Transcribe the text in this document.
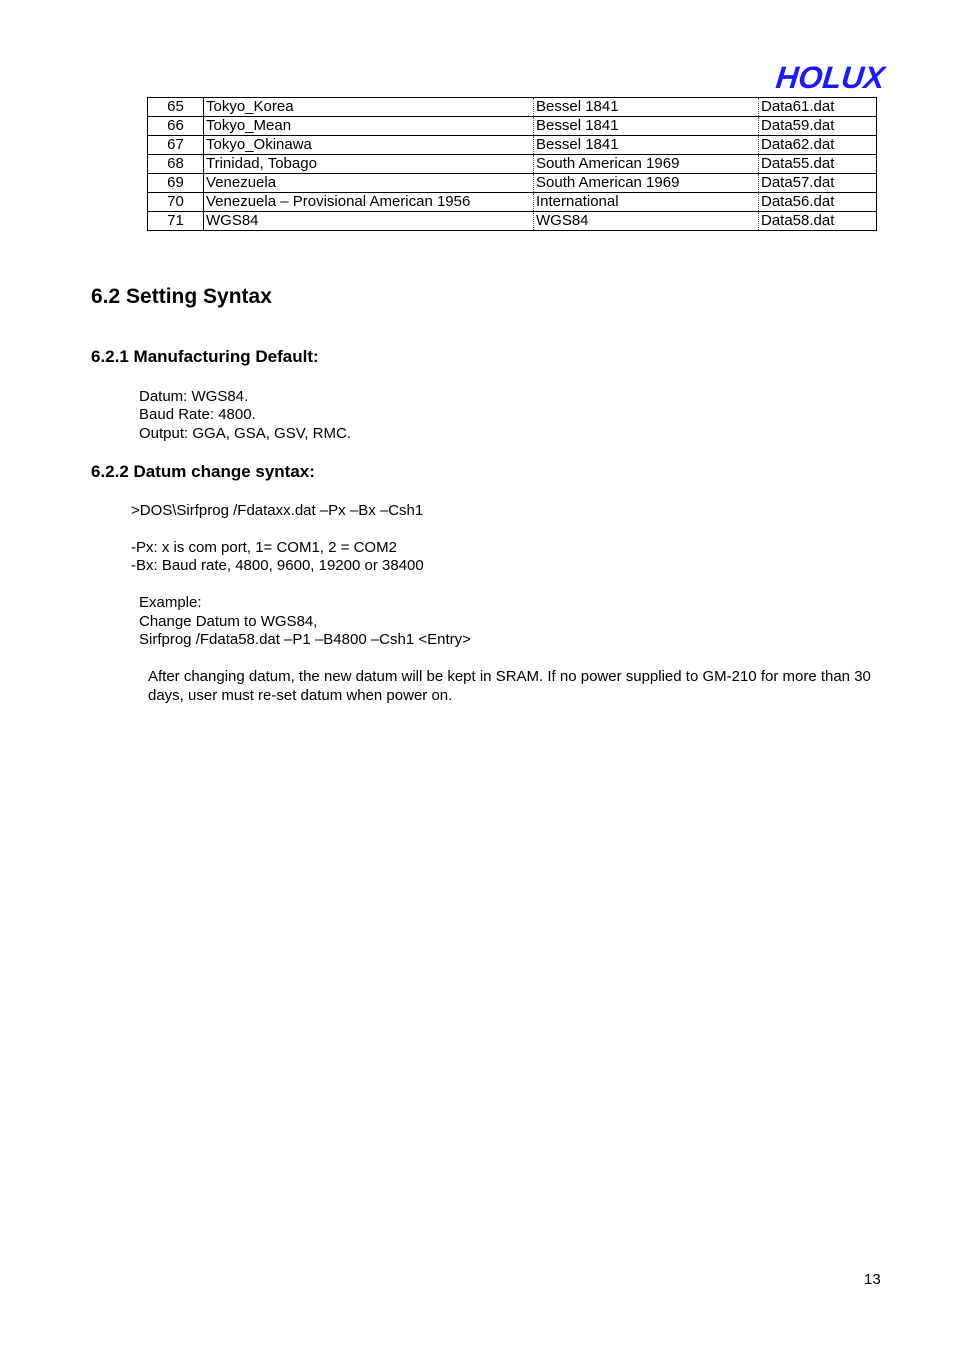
HOLUX
65	Tokyo_Korea	Bessel 1841	Data61.dat
66	Tokyo_Mean	Bessel 1841	Data59.dat
67	Tokyo_Okinawa	Bessel 1841	Data62.dat
68	Trinidad, Tobago	South American 1969	Data55.dat
69	Venezuela	South American 1969	Data57.dat
70	Venezuela – Provisional American 1956	International	Data56.dat
71	WGS84	WGS84	Data58.dat
6.2 Setting Syntax
6.2.1 Manufacturing Default:
Datum: WGS84.
Baud Rate: 4800.
Output: GGA, GSA, GSV, RMC.
6.2.2 Datum change syntax:
>DOS\Sirfprog /Fdataxx.dat –Px –Bx –Csh1
-Px: x is com port, 1= COM1, 2 = COM2
-Bx: Baud rate, 4800, 9600, 19200 or 38400
Example:
Change Datum to WGS84,
Sirfprog /Fdata58.dat –P1 –B4800 –Csh1 <Entry>
After changing datum, the new datum will be kept in SRAM. If no power supplied to GM-210 for more than 30 days, user must re-set datum when power on.
13
